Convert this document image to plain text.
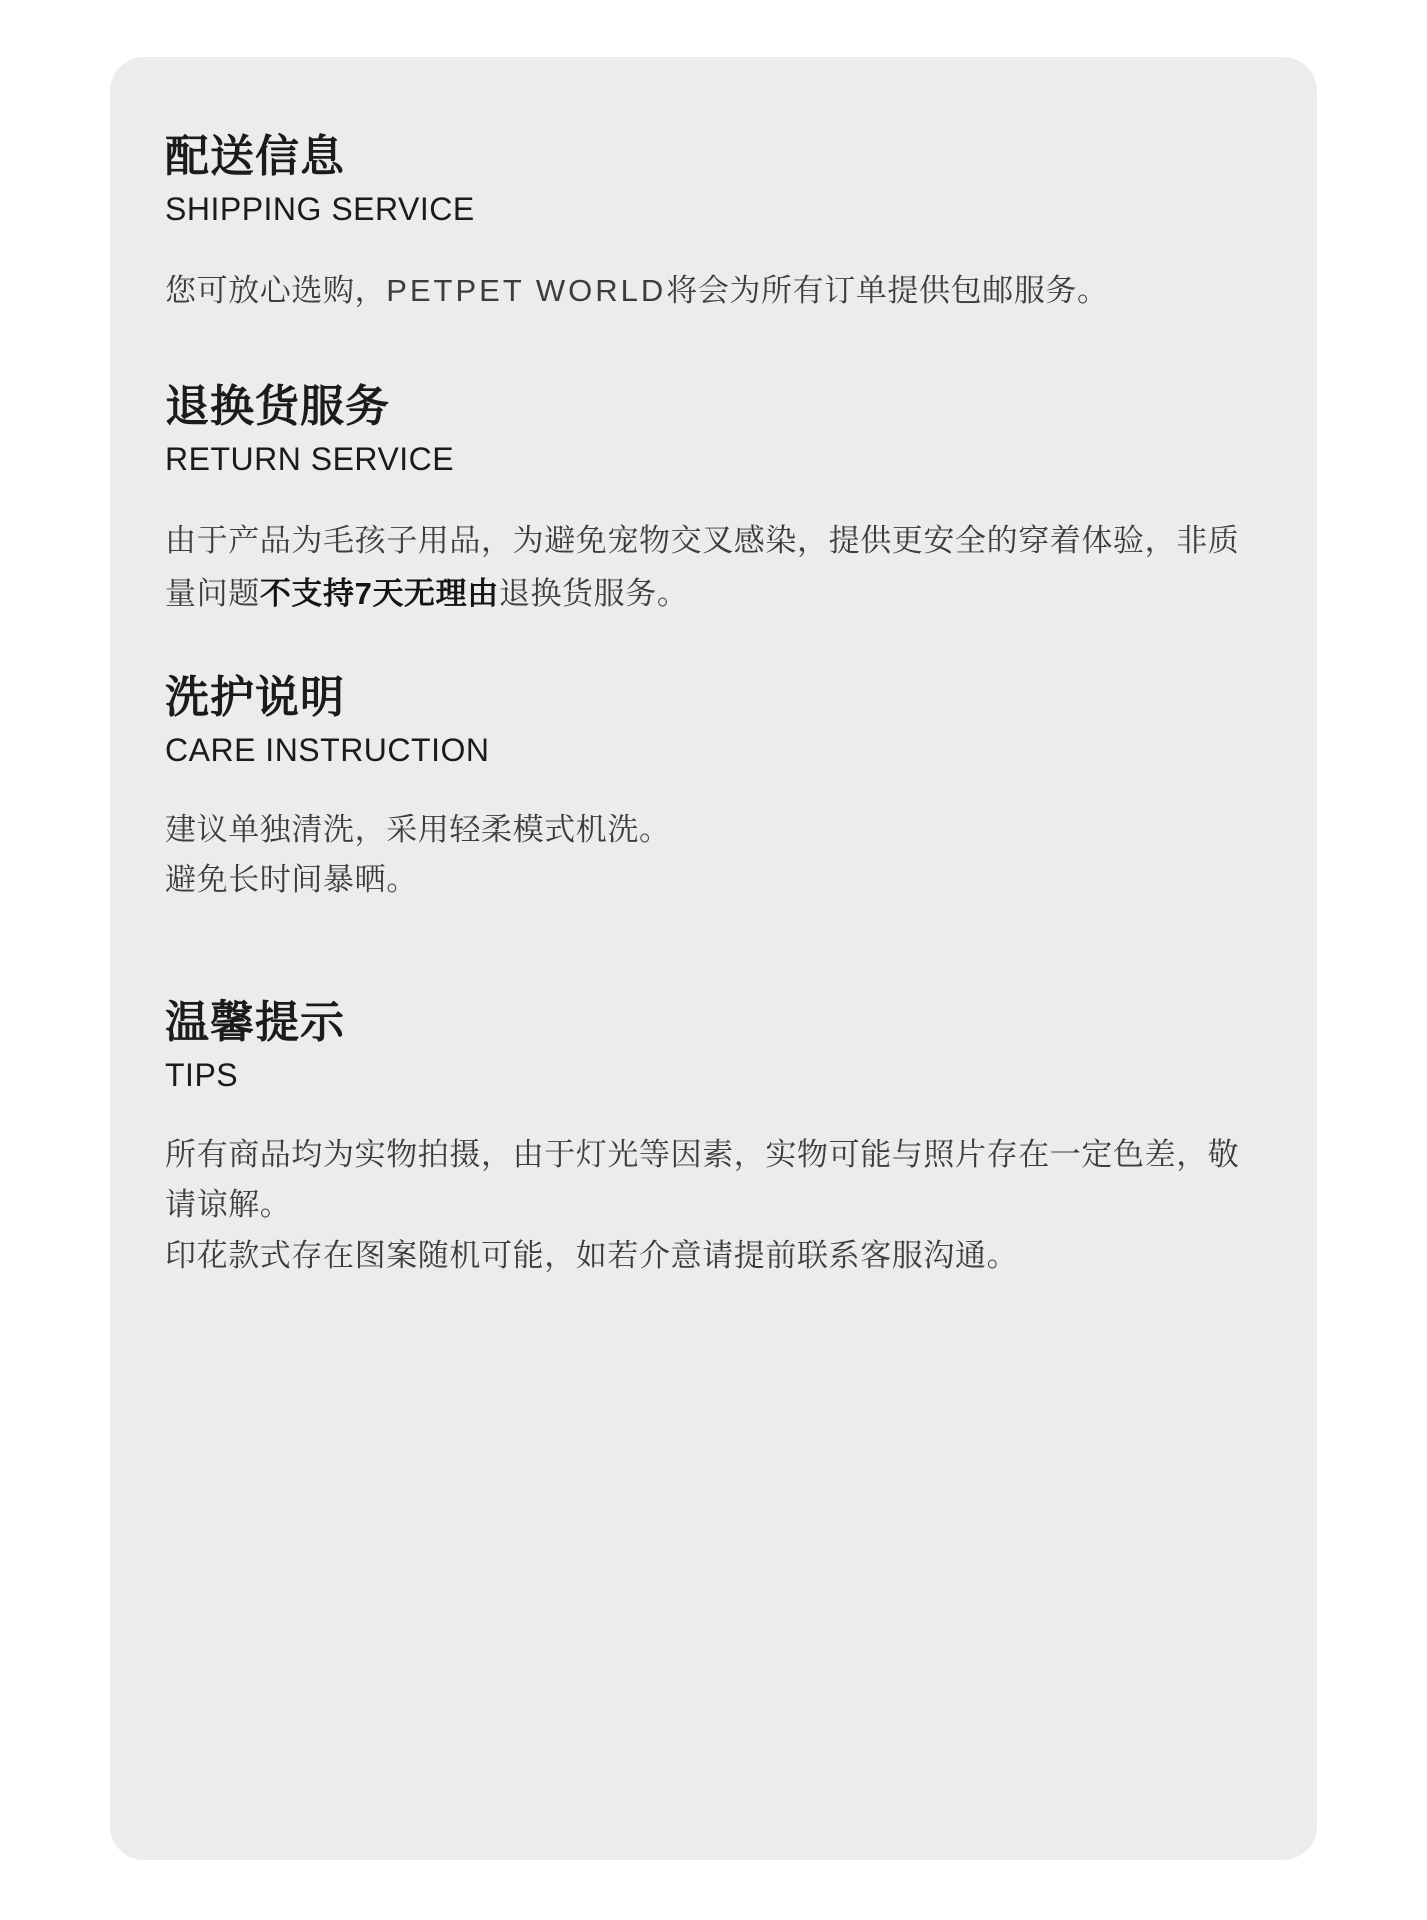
配送信息
SHIPPING SERVICE

您可放心选购，PETPET WORLD将会为所有订单提供包邮服务。

退换货服务
RETURN SERVICE

由于产品为毛孩子用品，为避免宠物交叉感染，提供更安全的穿着体验，非质量问题不支持7天无理由退换货服务。

洗护说明
CARE INSTRUCTION

建议单独清洗，采用轻柔模式机洗。
避免长时间暴晒。

温馨提示
TIPS

所有商品均为实物拍摄，由于灯光等因素，实物可能与照片存在一定色差，敬请谅解。
印花款式存在图案随机可能，如若介意请提前联系客服沟通。
